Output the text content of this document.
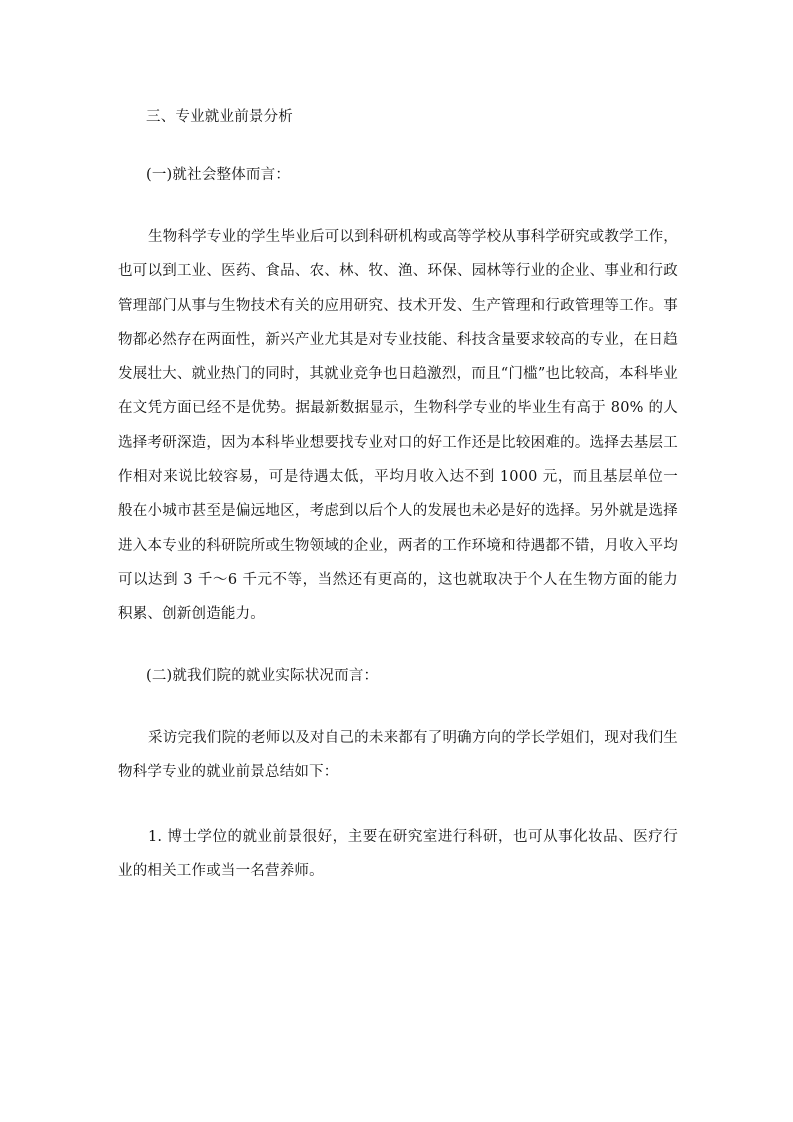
三、专业就业前景分析

(一)就社会整体而言：

生物科学专业的学生毕业后可以到科研机构或高等学校从事科学研究或教学工作，也可以到工业、医药、食品、农、林、牧、渔、环保、园林等行业的企业、事业和行政管理部门从事与生物技术有关的应用研究、技术开发、生产管理和行政管理等工作。事物都必然存在两面性，新兴产业尤其是对专业技能、科技含量要求较高的专业，在日趋发展壮大、就业热门的同时，其就业竞争也日趋激烈，而且“门槛”也比较高，本科毕业在文凭方面已经不是优势。据最新数据显示，生物科学专业的毕业生有高于 80% 的人选择考研深造，因为本科毕业想要找专业对口的好工作还是比较困难的。选择去基层工作相对来说比较容易，可是待遇太低，平均月收入达不到 1000 元，而且基层单位一般在小城市甚至是偏远地区，考虑到以后个人的发展也未必是好的选择。另外就是选择进入本专业的科研院所或生物领域的企业，两者的工作环境和待遇都不错，月收入平均可以达到 3 千～6 千元不等，当然还有更高的，这也就取决于个人在生物方面的能力积累、创新创造能力。

(二)就我们院的就业实际状况而言：

采访完我们院的老师以及对自己的未来都有了明确方向的学长学姐们，现对我们生物科学专业的就业前景总结如下：

1. 博士学位的就业前景很好，主要在研究室进行科研，也可从事化妆品、医疗行业的相关工作或当一名营养师。
